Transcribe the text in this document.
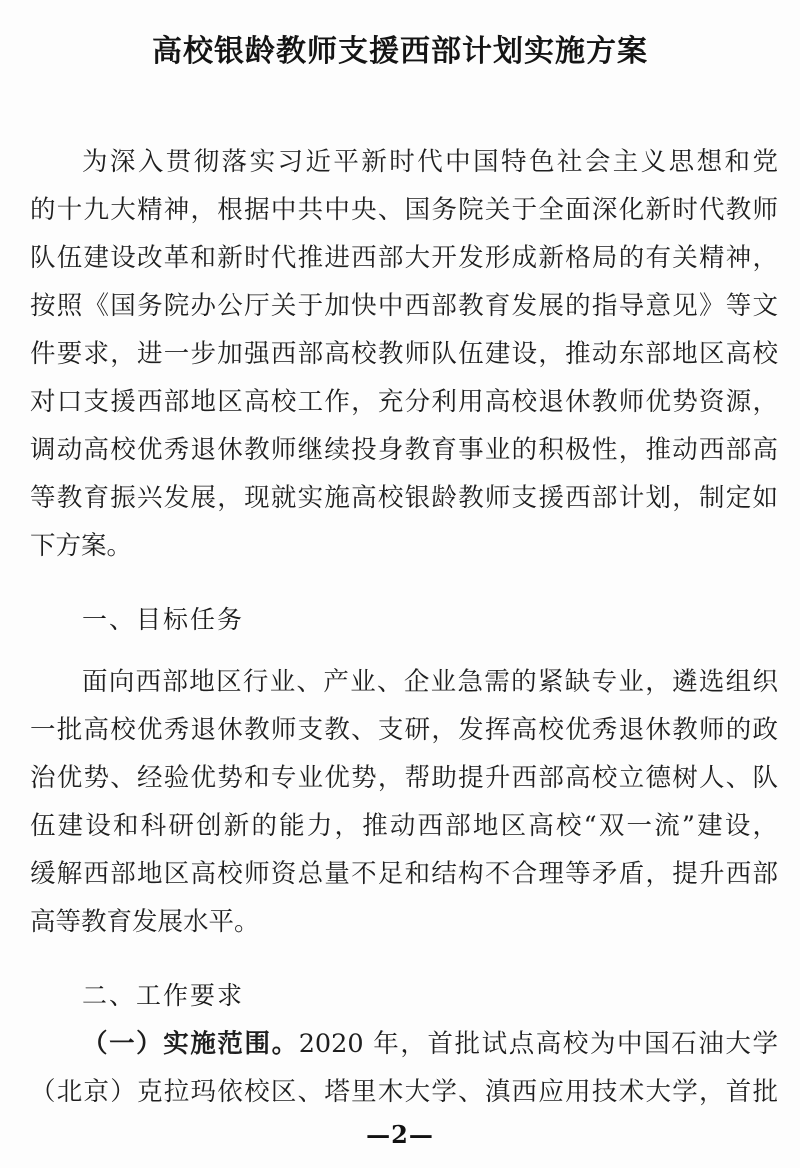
高校银龄教师支援西部计划实施方案
为深入贯彻落实习近平新时代中国特色社会主义思想和党
的十九大精神，根据中共中央、国务院关于全面深化新时代教师
队伍建设改革和新时代推进西部大开发形成新格局的有关精神，
按照《国务院办公厅关于加快中西部教育发展的指导意见》等文
件要求，进一步加强西部高校教师队伍建设，推动东部地区高校
对口支援西部地区高校工作，充分利用高校退休教师优势资源，
调动高校优秀退休教师继续投身教育事业的积极性，推动西部高
等教育振兴发展，现就实施高校银龄教师支援西部计划，制定如
下方案。
一、目标任务
面向西部地区行业、产业、企业急需的紧缺专业，遴选组织
一批高校优秀退休教师支教、支研，发挥高校优秀退休教师的政
治优势、经验优势和专业优势，帮助提升西部高校立德树人、队
伍建设和科研创新的能力，推动西部地区高校“双一流”建设，
缓解西部地区高校师资总量不足和结构不合理等矛盾，提升西部
高等教育发展水平。
二、工作要求
（一）实施范围。2020 年，首批试点高校为中国石油大学
（北京）克拉玛依校区、塔里木大学、滇西应用技术大学，首批
—2—
